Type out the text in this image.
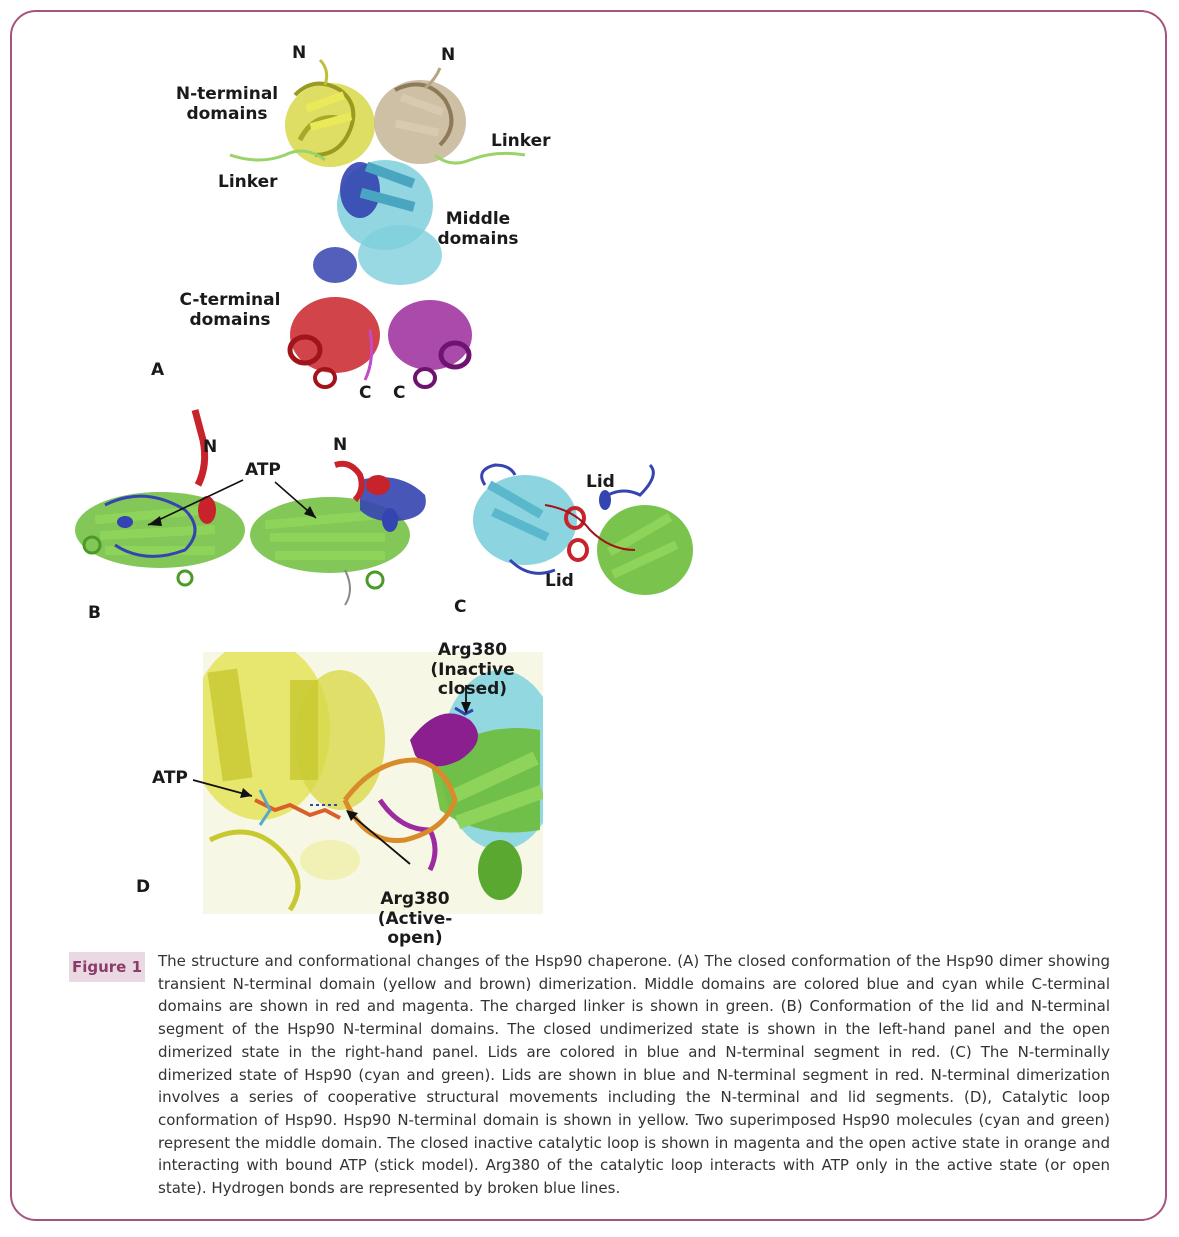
N	N
N-terminal
domains
Linker
Linker
Middle
domains
C-terminal
domains
C C
A
N	N
ATP
B
Lid
Lid
C
Arg380
(Inactive closed)
ATP
Arg380
(Active-open)
D
Figure 1 The structure and conformational changes of the Hsp90 chaperone. (A) The closed conformation of the Hsp90 dimer showing transient N-terminal domain (yellow and brown) dimerization. Middle domains are colored blue and cyan while C-terminal domains are shown in red and magenta. The charged linker is shown in green. (B) Conformation of the lid and N-terminal segment of the Hsp90 N-terminal domains. The closed undimerized state is shown in the left-hand panel and the open dimerized state in the right-hand panel. Lids are colored in blue and N-terminal segment in red. (C) The N-terminally dimerized state of Hsp90 (cyan and green). Lids are shown in blue and N-terminal segment in red. N-terminal dimerization involves a series of cooperative structural movements including the N-terminal and lid segments. (D), Catalytic loop conformation of Hsp90. Hsp90 N-terminal domain is shown in yellow. Two superimposed Hsp90 molecules (cyan and green) represent the middle domain. The closed inactive catalytic loop is shown in magenta and the open active state in orange and interacting with bound ATP (stick model). Arg380 of the catalytic loop interacts with ATP only in the active state (or open state). Hydrogen bonds are represented by broken blue lines.
